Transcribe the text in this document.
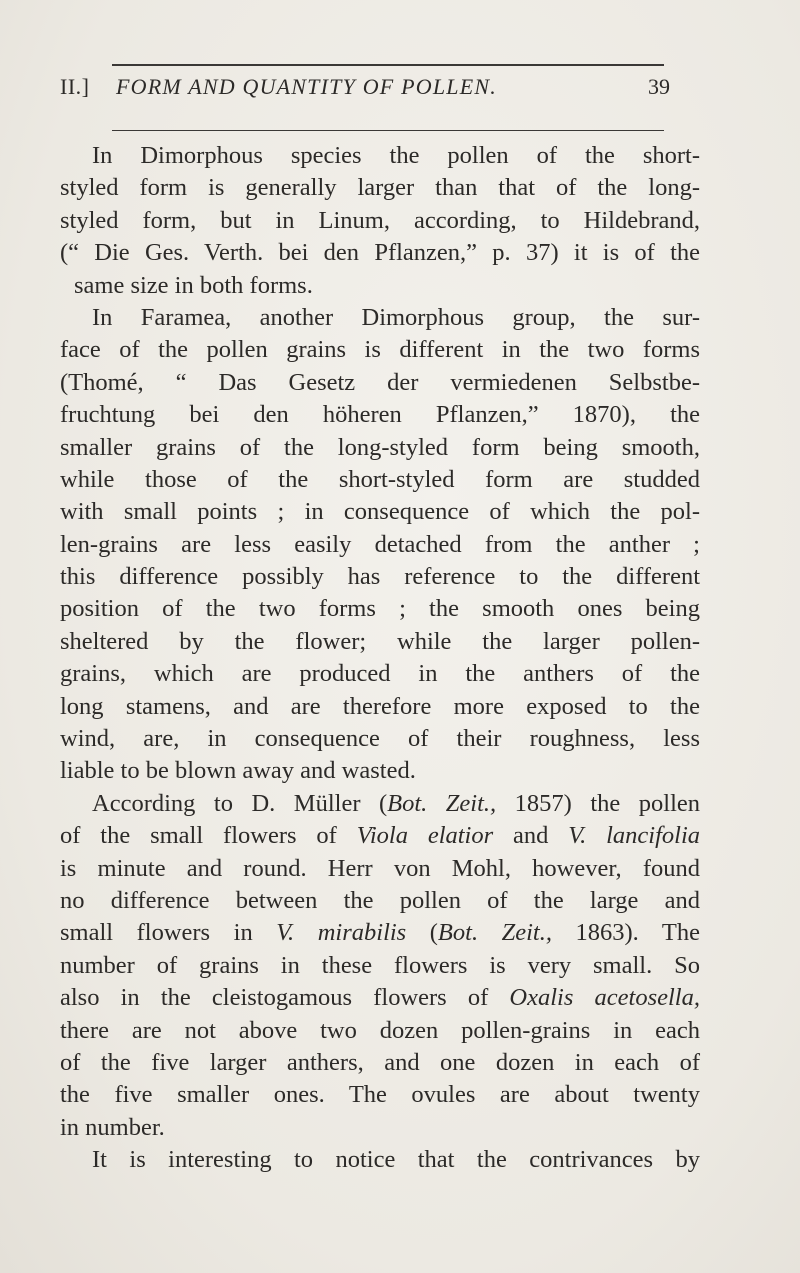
II.] FORM AND QUANTITY OF POLLEN.	39
In Dimorphous species the pollen of the short-
styled form is generally larger than that of the long-
styled form, but in Linum, according, to Hildebrand,
(“ Die Ges. Verth. bei den Pflanzen,” p. 37) it is of the
same size in both forms.
In Faramea, another Dimorphous group, the sur-
face of the pollen grains is different in the two forms
(Thomé, “ Das Gesetz der vermiedenen Selbstbe-
fruchtung bei den höheren Pflanzen,” 1870), the
smaller grains of the long-styled form being smooth,
while those of the short-styled form are studded
with small points ; in consequence of which the pol-
len-grains are less easily detached from the anther ;
this difference possibly has reference to the different
position of the two forms ; the smooth ones being
sheltered by the flower; while the larger pollen-
grains, which are produced in the anthers of the
long stamens, and are therefore more exposed to the
wind, are, in consequence of their roughness, less
liable to be blown away and wasted.
According to D. Müller (Bot. Zeit., 1857) the pollen
of the small flowers of Viola elatior and V. lancifolia
is minute and round. Herr von Mohl, however, found
no difference between the pollen of the large and
small flowers in V. mirabilis (Bot. Zeit., 1863). The
number of grains in these flowers is very small. So
also in the cleistogamous flowers of Oxalis acetosella,
there are not above two dozen pollen-grains in each
of the five larger anthers, and one dozen in each of
the five smaller ones. The ovules are about twenty
in number.
It is interesting to notice that the contrivances by
